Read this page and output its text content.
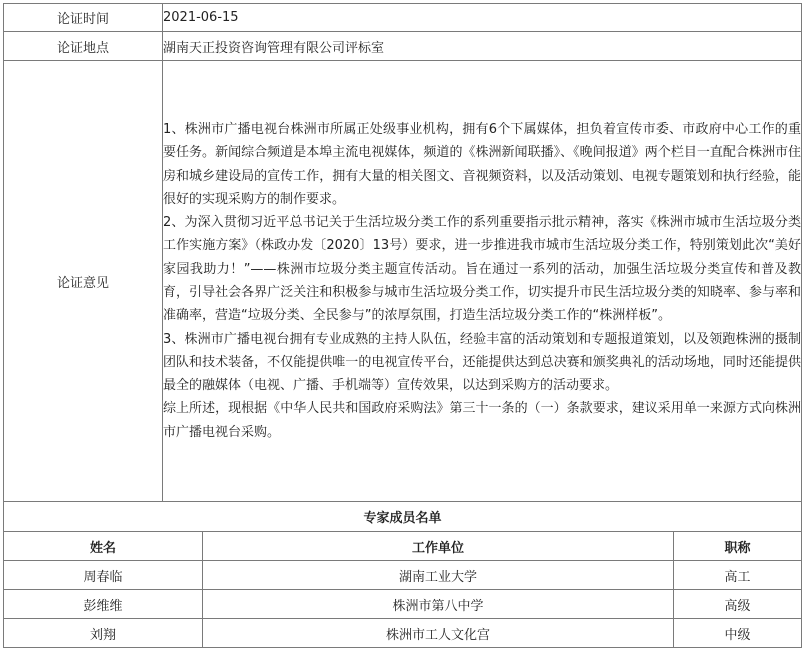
论证时间	2021-06-15		
论证地点	湖南天正投资咨询管理有限公司评标室		
论证意见	1、株洲市广播电视台株洲市所属正处级事业机构，拥有6个下属媒体，担负着宣传市委、市政府中心工作的重要任务。新闻综合频道是本埠主流电视媒体，频道的《株洲新闻联播》、《晚间报道》两个栏目一直配合株洲市住房和城乡建设局的宣传工作，拥有大量的相关图文、音视频资料，以及活动策划、电视专题策划和执行经验，能很好的实现采购方的制作要求。
2、为深入贯彻习近平总书记关于生活垃圾分类工作的系列重要指示批示精神，落实《株洲市城市生活垃圾分类工作实施方案》（株政办发〔2020〕13号）要求，进一步推进我市城市生活垃圾分类工作，特别策划此次“美好家园我助力！”——株洲市垃圾分类主题宣传活动。旨在通过一系列的活动，加强生活垃圾分类宣传和普及教育，引导社会各界广泛关注和积极参与城市生活垃圾分类工作，切实提升市民生活垃圾分类的知晓率、参与率和准确率，营造“垃圾分类、全民参与”的浓厚氛围，打造生活垃圾分类工作的“株洲样板”。
3、株洲市广播电视台拥有专业成熟的主持人队伍，经验丰富的活动策划和专题报道策划，以及领跑株洲的摄制团队和技术装备，不仅能提供唯一的电视宣传平台，还能提供达到总决赛和颁奖典礼的活动场地，同时还能提供最全的融媒体（电视、广播、手机端等）宣传效果，以达到采购方的活动要求。
综上所述，现根据《中华人民共和国政府采购法》第三十一条的（一）条款要求，建议采用单一来源方式向株洲市广播电视台采购。		

专家成员名单			
姓名		工作单位	职称
周春临		湖南工业大学	高工
彭维维		株洲市第八中学	高级
刘翔		株洲市工人文化宫	中级
